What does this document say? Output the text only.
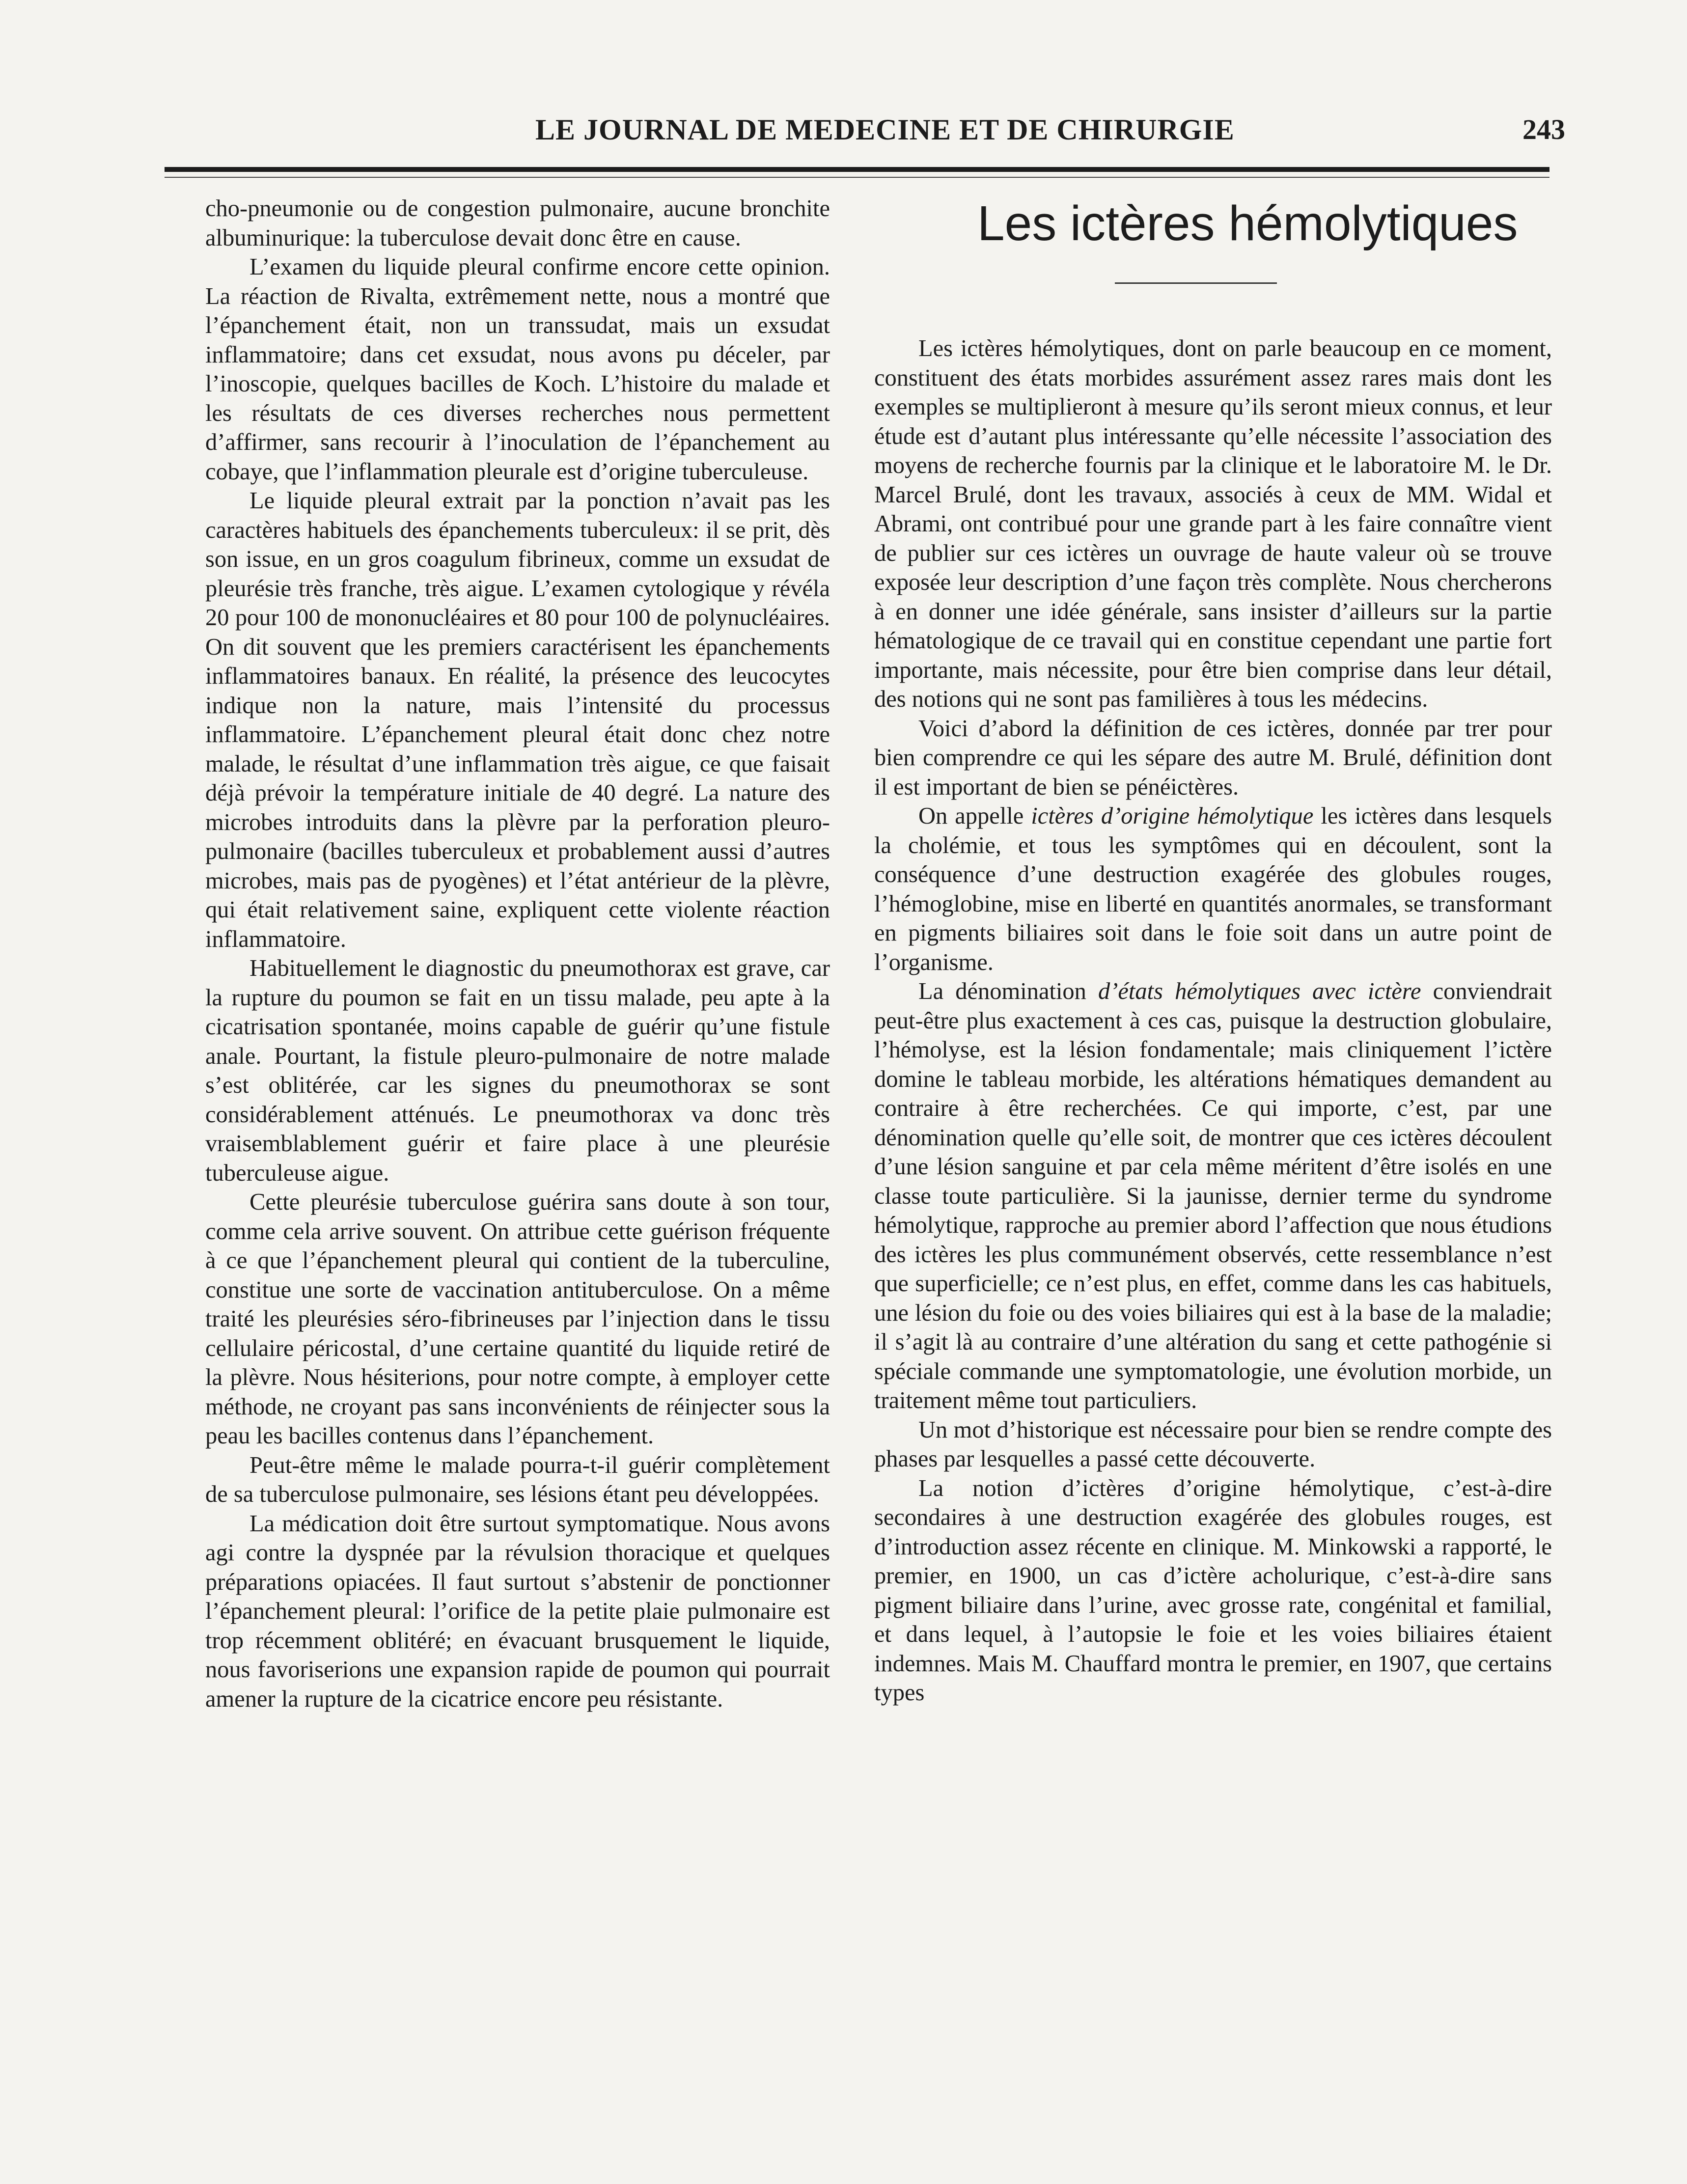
LE JOURNAL DE MEDECINE ET DE CHIRURGIE	243

cho-pneumonie ou de congestion pulmonaire, aucune bronchite albuminurique: la tuberculose devait donc être en cause.

L’examen du liquide pleural confirme encore cette opinion. La réaction de Rivalta, extrêmement nette, nous a montré que l’épanchement était, non un transsudat, mais un exsudat inflammatoire; dans cet exsudat, nous avons pu déceler, par l’inoscopie, quelques bacilles de Koch. L’histoire du malade et les résultats de ces diverses recherches nous permettent d’affirmer, sans recourir à l’inoculation de l’épanchement au cobaye, que l’inflammation pleurale est d’origine tuberculeuse.

Le liquide pleural extrait par la ponction n’avait pas les caractères habituels des épanchements tuberculeux: il se prit, dès son issue, en un gros coagulum fibrineux, comme un exsudat de pleurésie très franche, très aigue. L’examen cytologique y révéla 20 pour 100 de mononucléaires et 80 pour 100 de polynucléaires. On dit souvent que les premiers caractérisent les épanchements inflammatoires banaux. En réalité, la présence des leucocytes indique non la nature, mais l’intensité du processus inflammatoire. L’épanchement pleural était donc chez notre malade, le résultat d’une inflammation très aigue, ce que faisait déjà prévoir la température initiale de 40 degré. La nature des microbes introduits dans la plèvre par la perforation pleuro-pulmonaire (bacilles tuberculeux et probablement aussi d’autres microbes, mais pas de pyogènes) et l’état antérieur de la plèvre, qui était relativement saine, expliquent cette violente réaction inflammatoire.

Habituellement le diagnostic du pneumothorax est grave, car la rupture du poumon se fait en un tissu malade, peu apte à la cicatrisation spontanée, moins capable de guérir qu’une fistule anale. Pourtant, la fistule pleuro-pulmonaire de notre malade s’est oblitérée, car les signes du pneumothorax se sont considérablement atténués. Le pneumothorax va donc très vraisemblablement guérir et faire place à une pleurésie tuberculeuse aigue.

Cette pleurésie tuberculose guérira sans doute à son tour, comme cela arrive souvent. On attribue cette guérison fréquente à ce que l’épanchement pleural qui contient de la tuberculine, constitue une sorte de vaccination antituberculose. On a même traité les pleurésies séro-fibrineuses par l’injection dans le tissu cellulaire péricostal, d’une certaine quantité du liquide retiré de la plèvre. Nous hésiterions, pour notre compte, à employer cette méthode, ne croyant pas sans inconvénients de réinjecter sous la peau les bacilles contenus dans l’épanchement.

Peut-être même le malade pourra-t-il guérir complètement de sa tuberculose pulmonaire, ses lésions étant peu développées.

La médication doit être surtout symptomatique. Nous avons agi contre la dyspnée par la révulsion thoracique et quelques préparations opiacées. Il faut surtout s’abstenir de ponctionner l’épanchement pleural: l’orifice de la petite plaie pulmonaire est trop récemment oblitéré; en évacuant brusquement le liquide, nous favoriserions une expansion rapide de poumon qui pourrait amener la rupture de la cicatrice encore peu résistante.

Les ictères hémolytiques

Les ictères hémolytiques, dont on parle beaucoup en ce moment, constituent des états morbides assurément assez rares mais dont les exemples se multiplieront à mesure qu’ils seront mieux connus, et leur étude est d’autant plus intéressante qu’elle nécessite l’association des moyens de recherche fournis par la clinique et le laboratoire M. le Dr. Marcel Brulé, dont les travaux, associés à ceux de MM. Widal et Abrami, ont contribué pour une grande part à les faire connaître vient de publier sur ces ictères un ouvrage de haute valeur où se trouve exposée leur description d’une façon très complète. Nous chercherons à en donner une idée générale, sans insister d’ailleurs sur la partie hématologique de ce travail qui en constitue cependant une partie fort importante, mais nécessite, pour être bien comprise dans leur détail, des notions qui ne sont pas familières à tous les médecins.

Voici d’abord la définition de ces ictères, donnée par trer pour bien comprendre ce qui les sépare des autre M. Brulé, définition dont il est important de bien se pénéictères.

On appelle ictères d’origine hémolytique les ictères dans lesquels la cholémie, et tous les symptômes qui en découlent, sont la conséquence d’une destruction exagérée des globules rouges, l’hémoglobine, mise en liberté en quantités anormales, se transformant en pigments biliaires soit dans le foie soit dans un autre point de l’organisme.

La dénomination d’états hémolytiques avec ictère conviendrait peut-être plus exactement à ces cas, puisque la destruction globulaire, l’hémolyse, est la lésion fondamentale; mais cliniquement l’ictère domine le tableau morbide, les altérations hématiques demandent au contraire à être recherchées. Ce qui importe, c’est, par une dénomination quelle qu’elle soit, de montrer que ces ictères découlent d’une lésion sanguine et par cela même méritent d’être isolés en une classe toute particulière. Si la jaunisse, dernier terme du syndrome hémolytique, rapproche au premier abord l’affection que nous étudions des ictères les plus communément observés, cette ressemblance n’est que superficielle; ce n’est plus, en effet, comme dans les cas habituels, une lésion du foie ou des voies biliaires qui est à la base de la maladie; il s’agit là au contraire d’une altération du sang et cette pathogénie si spéciale commande une symptomatologie, une évolution morbide, un traitement même tout particuliers.

Un mot d’historique est nécessaire pour bien se rendre compte des phases par lesquelles a passé cette découverte.

La notion d’ictères d’origine hémolytique, c’est-à-dire secondaires à une destruction exagérée des globules rouges, est d’introduction assez récente en clinique. M. Minkowski a rapporté, le premier, en 1900, un cas d’ictère acholurique, c’est-à-dire sans pigment biliaire dans l’urine, avec grosse rate, congénital et familial, et dans lequel, à l’autopsie le foie et les voies biliaires étaient indemnes. Mais M. Chauffard montra le premier, en 1907, que certains types
